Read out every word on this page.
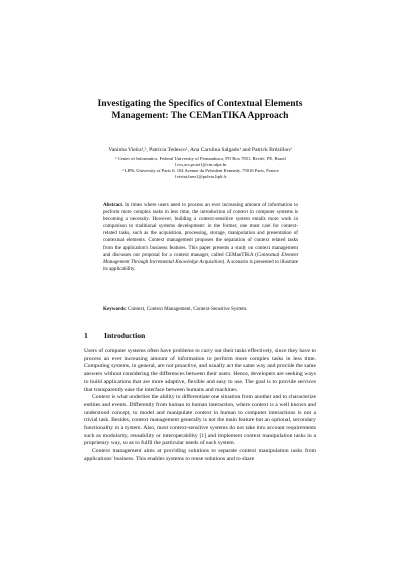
Investigating the Specifics of Contextual Elements
Management: The CEManTIKA Approach
Vaninha Vieira¹,², Patrícia Tedesco¹, Ana Carolina Salgado¹ and Patrick Brézillon²
¹ Center of Informatics, Federal University of Pernambuco, PO Box 7851, Recife, PE, Brazil
{vvs,acs,pcart}@cin.ufpe.br
² LIP6, University of Paris 6, 104 Avenue du Président Kennedy, 75016 Paris, France
{vieira,brez}@poleia.lip6.fr
Abstract. In times where users need to process an ever increasing amount of information to perform more complex tasks in less time, the introduction of context in computer systems is becoming a necessity. However, building a context-sensitive system entails more work in comparison to traditional systems development: in the former, one must care for context-related tasks, such as the acquisition, processing, storage, manipulation and presentation of contextual elements. Context management proposes the separation of context related tasks from the application's business features. This paper presents a study on context management and discusses our proposal for a context manager, called CEManTIKA (Contextual Element Management Through Incremental Knowledge Acquisition). A scenario is presented to illustrate its applicability.
Keywords: Context, Context Management, Context-Sensitive System.
1 Introduction

Users of computer systems often have problems to carry out their tasks effectively, since they have to process an ever increasing amount of information to perform more complex tasks in less time. Computing systems, in general, are not proactive, and usually act the same way and provide the same answers without considering the differences between their users. Hence, developers are seeking ways to build applications that are more adaptive, flexible and easy to use. The goal is to provide services that transparently ease the interface between humans and machines.

Context is what underlies the ability to differentiate one situation from another and to characterize entities and events. Differently from human to human interaction, where context is a well known and understood concept, to model and manipulate context in human to computer interactions is not a trivial task. Besides, context management generally is not the main feature but an optional, secondary functionality in a system. Also, most context-sensitive systems do not take into account requirements such as modularity, reusability or interoperability [1] and implement context manipulation tasks in a proprietary way, so as to fulfil the particular needs of each system.

Context management aims at providing solutions to separate context manipulation tasks from applications' business. This enables systems to reuse solutions and to share
